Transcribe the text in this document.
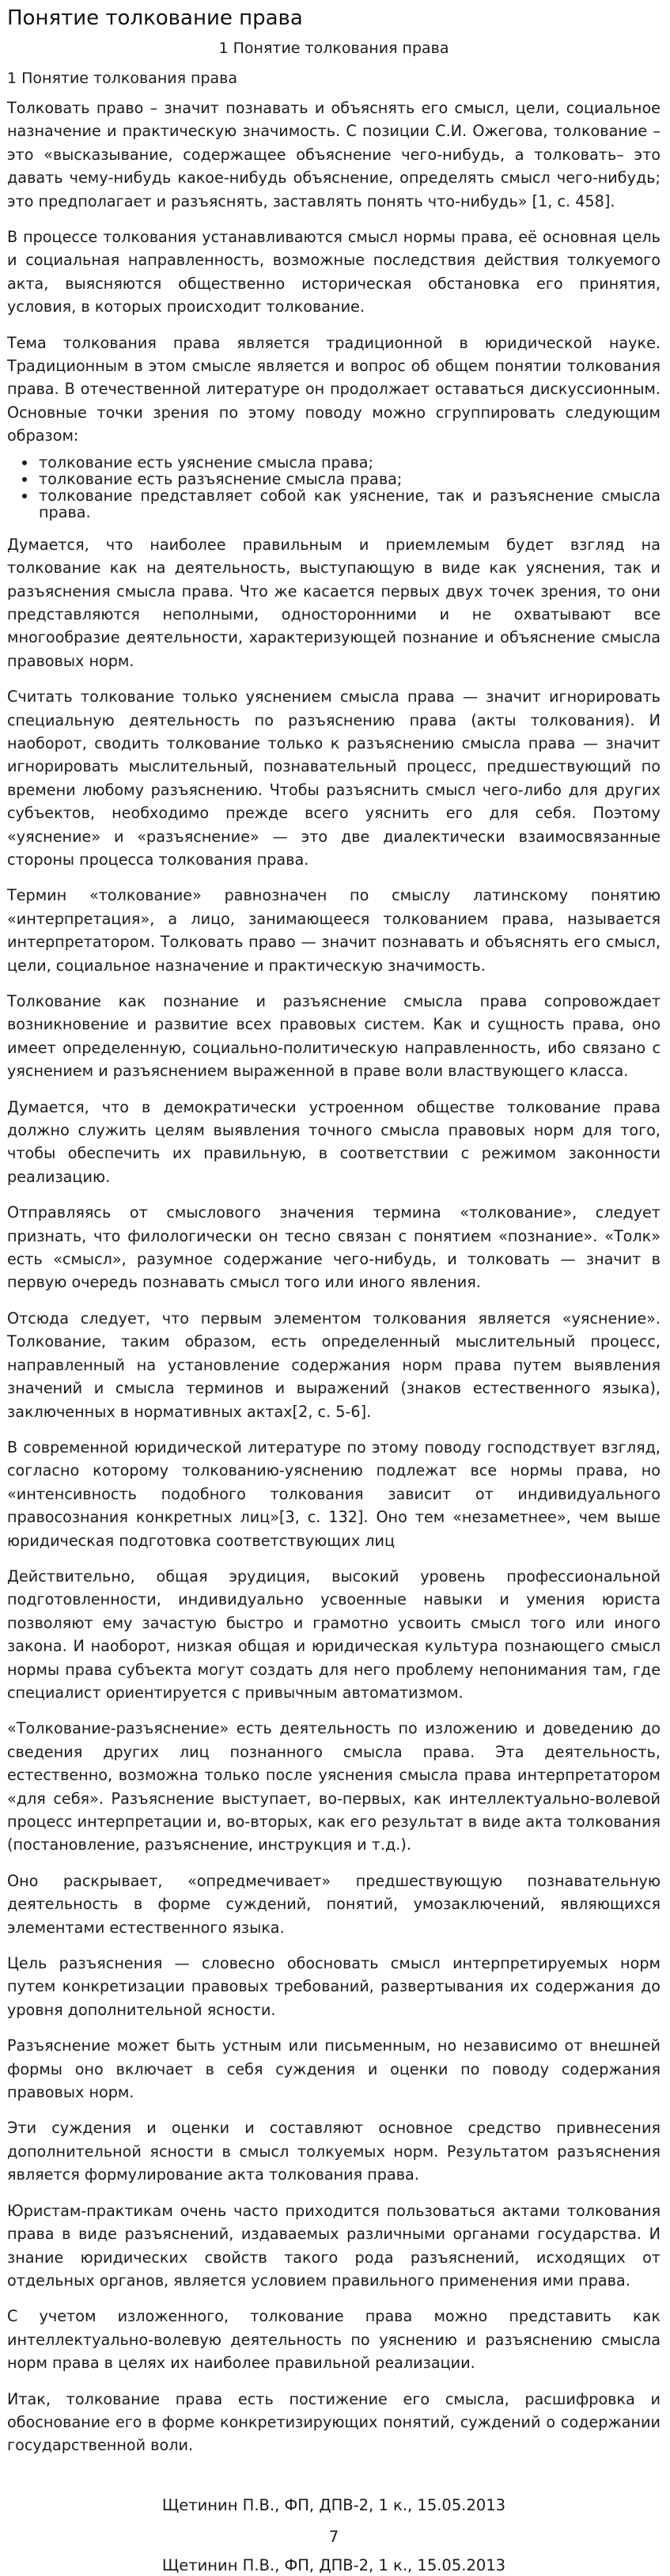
Понятие толкование права
1 Понятие толкования права
1 Понятие толкования права

Толковать право – значит познавать и объяснять его смысл, цели, социальное назначение и практическую значимость. С позиции С.И. Ожегова, толкование – это «высказывание, содержащее объяснение чего-нибудь, а толковать– это давать чему-нибудь какое-нибудь объяснение, определять смысл чего-нибудь; это предполагает и разъяснять, заставлять понять что-нибудь» [1, с. 458].

В процессе толкования устанавливаются смысл нормы права, её основная цель и социальная направленность, возможные последствия действия толкуемого акта, выясняются общественно историческая обстановка его принятия, условия, в которых происходит толкование.

Тема толкования права является традиционной в юридической науке. Традиционным в этом смысле является и вопрос об общем понятии толкования права. В отечественной литературе он продолжает оставаться дискуссионным. Основные точки зрения по этому поводу можно сгруппировать следующим образом:

• толкование есть уяснение смысла права;
• толкование есть разъяснение смысла права;
• толкование представляет собой как уяснение, так и разъяснение смысла права.

Думается, что наиболее правильным и приемлемым будет взгляд на толкование как на деятельность, выступающую в виде как уяснения, так и разъяснения смысла права. Что же касается первых двух точек зрения, то они представляются неполными, односторонними и не охватывают все многообразие деятельности, характеризующей познание и объяснение смысла правовых норм.

Считать толкование только уяснением смысла права — значит игнорировать специальную деятельность по разъяснению права (акты толкования). И наоборот, сводить толкование только к разъяснению смысла права — значит игнорировать мыслительный, познавательный процесс, предшествующий по времени любому разъяснению. Чтобы разъяснить смысл чего-либо для других субъектов, необходимо прежде всего уяснить его для себя. Поэтому «уяснение» и «разъяснение» — это две диалектически взаимосвязанные стороны процесса толкования права.

Термин «толкование» равнозначен по смыслу латинскому понятию «интерпретация», а лицо, занимающееся толкованием права, называется интерпретатором. Толковать право — значит познавать и объяснять его смысл, цели, социальное назначение и практическую значимость.

Толкование как познание и разъяснение смысла права сопровождает возникновение и развитие всех правовых систем. Как и сущность права, оно имеет определенную, социально-политическую направленность, ибо связано с уяснением и разъяснением выраженной в праве воли властвующего класса.

Думается, что в демократически устроенном обществе толкование права должно служить целям выявления точного смысла правовых норм для того, чтобы обеспечить их правильную, в соответствии с режимом законности реализацию.

Отправляясь от смыслового значения термина «толкование», следует признать, что филологически он тесно связан с понятием «познание». «Толк» есть «смысл», разумное содержание чего-нибудь, и толковать — значит в первую очередь познавать смысл того или иного явления.

Отсюда следует, что первым элементом толкования является «уяснение». Толкование, таким образом, есть определенный мыслительный процесс, направленный на установление содержания норм права путем выявления значений и смысла терминов и выражений (знаков естественного языка), заключенных в нормативных актах[2, с. 5-6].

В современной юридической литературе по этому поводу господствует взгляд, согласно которому толкованию-уяснению подлежат все нормы права, но «интенсивность подобного толкования зависит от индивидуального правосознания конкретных лиц»[3, с. 132]. Оно тем «незаметнее», чем выше юридическая подготовка соответствующих лиц

Действительно, общая эрудиция, высокий уровень профессиональной подготовленности, индивидуально усвоенные навыки и умения юриста позволяют ему зачастую быстро и грамотно усвоить смысл того или иного закона. И наоборот, низкая общая и юридическая культура познающего смысл нормы права субъекта могут создать для него проблему непонимания там, где специалист ориентируется с привычным автоматизмом.

«Толкование-разъяснение» есть деятельность по изложению и доведению до сведения других лиц познанного смысла права. Эта деятельность, естественно, возможна только после уяснения смысла права интерпретатором «для себя». Разъяснение выступает, во-первых, как интеллектуально-волевой процесс интерпретации и, во-вторых, как его результат в виде акта толкования (постановление, разъяснение, инструкция и т.д.).

Оно раскрывает, «опредмечивает» предшествующую познавательную деятельность в форме суждений, понятий, умозаключений, являющихся элементами естественного языка.

Цель разъяснения — словесно обосновать смысл интерпретируемых норм путем конкретизации правовых требований, развертывания их содержания до уровня дополнительной ясности.

Разъяснение может быть устным или письменным, но независимо от внешней формы оно включает в себя суждения и оценки по поводу содержания правовых норм.

Эти суждения и оценки и составляют основное средство привнесения дополнительной ясности в смысл толкуемых норм. Результатом разъяснения является формулирование акта толкования права.

Юристам-практикам очень часто приходится пользоваться актами толкования права в виде разъяснений, издаваемых различными органами государства. И знание юридических свойств такого рода разъяснений, исходящих от отдельных органов, является условием правильного применения ими права.

С учетом изложенного, толкование права можно представить как интеллектуально-волевую деятельность по уяснению и разъяснению смысла норм права в целях их наиболее правильной реализации.

Итак, толкование права есть постижение его смысла, расшифровка и обоснование его в форме конкретизирующих понятий, суждений о содержании государственной воли.

Щетинин П.В., ФП, ДПВ-2, 1 к., 15.05.2013
7
Щетинин П.В., ФП, ДПВ-2, 1 к., 15.05.2013
